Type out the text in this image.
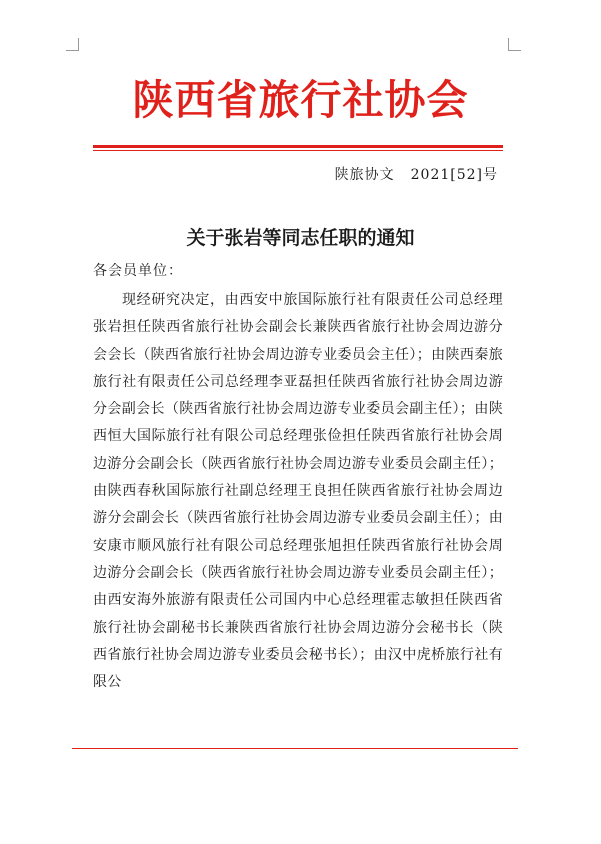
陕西省旅行社协会
陕旅协文 2021[52]号
关于张岩等同志任职的通知
各会员单位：

现经研究决定，由西安中旅国际旅行社有限责任公司总经理张岩担任陕西省旅行社协会副会长兼陕西省旅行社协会周边游分会会长（陕西省旅行社协会周边游专业委员会主任）；由陕西秦旅旅行社有限责任公司总经理李亚磊担任陕西省旅行社协会周边游分会副会长（陕西省旅行社协会周边游专业委员会副主任）；由陕西恒大国际旅行社有限公司总经理张俭担任陕西省旅行社协会周边游分会副会长（陕西省旅行社协会周边游专业委员会副主任）；由陕西春秋国际旅行社副总经理王良担任陕西省旅行社协会周边游分会副会长（陕西省旅行社协会周边游专业委员会副主任）；由安康市顺风旅行社有限公司总经理张旭担任陕西省旅行社协会周边游分会副会长（陕西省旅行社协会周边游专业委员会副主任）；由西安海外旅游有限责任公司国内中心总经理霍志敏担任陕西省旅行社协会副秘书长兼陕西省旅行社协会周边游分会秘书长（陕西省旅行社协会周边游专业委员会秘书长）；由汉中虎桥旅行社有限公
